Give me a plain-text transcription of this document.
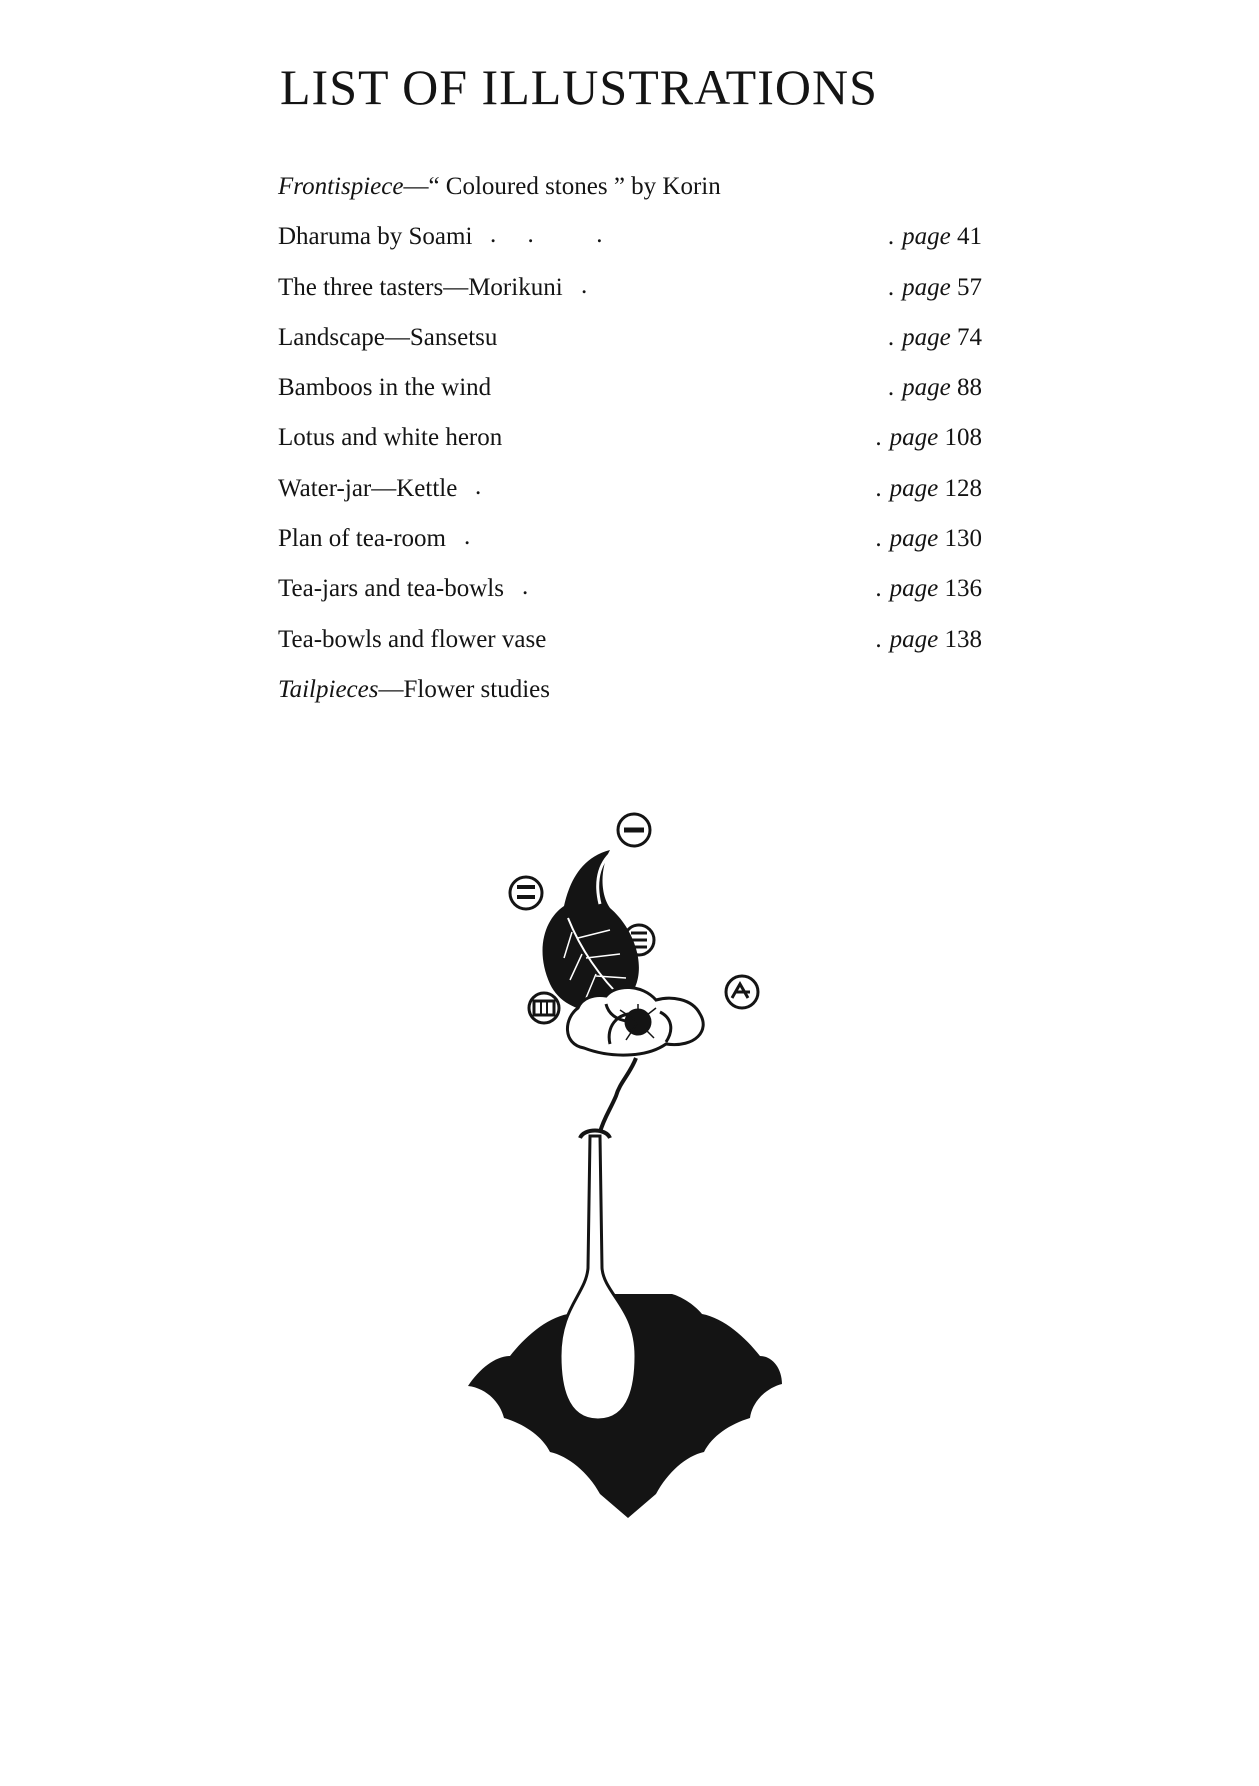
LIST OF ILLUSTRATIONS
Frontispiece—“ Coloured stones ” by Korin
Dharuma by Soami .     .          .	. page 41
The three tasters—Morikuni .	. page 57
Landscape—Sansetsu	. page 74
Bamboos in the wind	. page 88
Lotus and white heron	. page 108
Water-jar—Kettle .	. page 128
Plan of tea-room .	. page 130
Tea-jars and tea-bowls .	. page 136
Tea-bowls and flower vase	. page 138
Tailpieces—Flower studies
